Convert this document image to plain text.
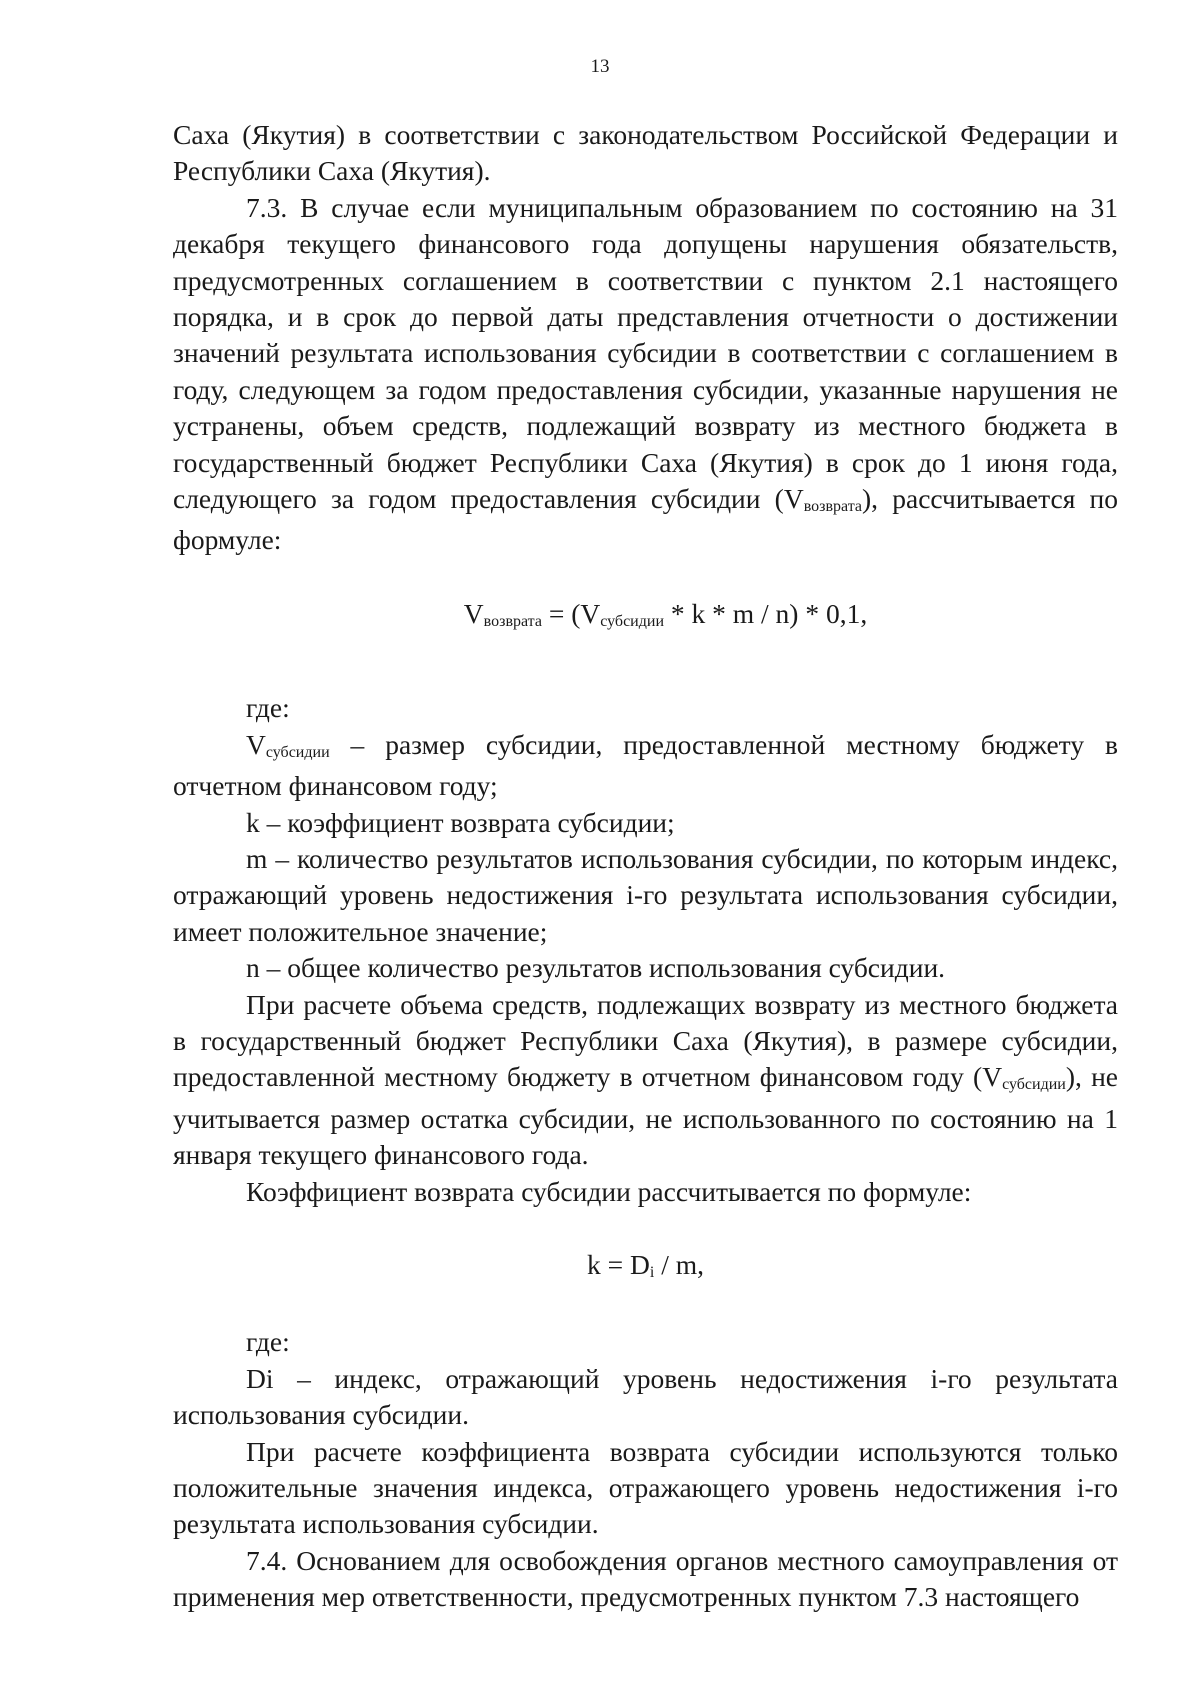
13

Саха (Якутия) в соответствии с законодательством Российской Федерации и Республики Саха (Якутия).

7.3. В случае если муниципальным образованием по состоянию на 31 декабря текущего финансового года допущены нарушения обязательств, предусмотренных соглашением в соответствии с пунктом 2.1 настоящего порядка, и в срок до первой даты представления отчетности о достижении значений результата использования субсидии в соответствии с соглашением в году, следующем за годом предоставления субсидии, указанные нарушения не устранены, объем средств, подлежащий возврату из местного бюджета в государственный бюджет Республики Саха (Якутия) в срок до 1 июня года, следующего за годом предоставления субсидии (Vвозврата), рассчитывается по формуле:

Vвозврата = (Vсубсидии * k * m / n) * 0,1,

где:

Vсубсидии – размер субсидии, предоставленной местному бюджету в отчетном финансовом году;

k – коэффициент возврата субсидии;

m – количество результатов использования субсидии, по которым индекс, отражающий уровень недостижения i-го результата использования субсидии, имеет положительное значение;

n – общее количество результатов использования субсидии.

При расчете объема средств, подлежащих возврату из местного бюджета в государственный бюджет Республики Саха (Якутия), в размере субсидии, предоставленной местному бюджету в отчетном финансовом году (Vсубсидии), не учитывается размер остатка субсидии, не использованного по состоянию на 1 января текущего финансового года.

Коэффициент возврата субсидии рассчитывается по формуле:

k = Di / m,

где:

Di – индекс, отражающий уровень недостижения i-го результата использования субсидии.

При расчете коэффициента возврата субсидии используются только положительные значения индекса, отражающего уровень недостижения i-го результата использования субсидии.

7.4. Основанием для освобождения органов местного самоуправления от применения мер ответственности, предусмотренных пунктом 7.3 настоящего
